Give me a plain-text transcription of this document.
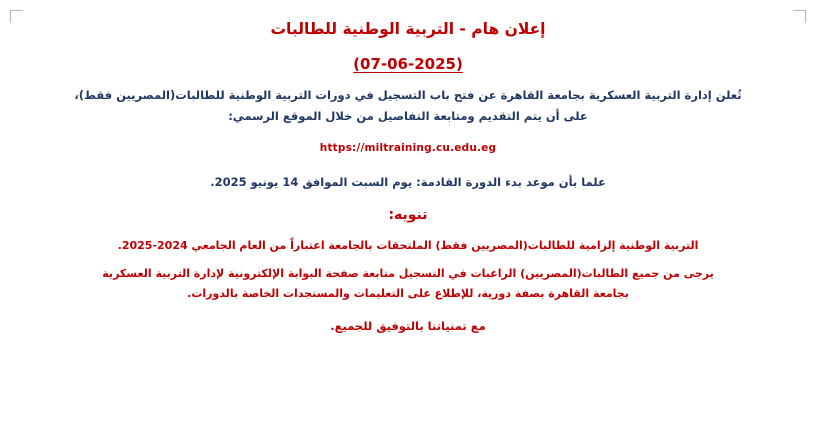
إعلان هام - التربية الوطنية للطالبات
(07-06-2025)
تُعلن إدارة التربية العسكرية بجامعة القاهرة عن فتح باب التسجيل في دورات التربية الوطنية للطالبات(المصريين فقط)،
على أن يتم التقديم ومتابعة التفاصيل من خلال الموقع الرسمي:
https://miltraining.cu.edu.eg
علما بأن موعد بدء الدورة القادمة: يوم السبت الموافق 14 يونيو 2025.
تنويه:
التربية الوطنية إلزامية للطالبات(المصريين فقط) الملتحقات بالجامعة اعتباراً من العام الجامعي 2024-2025.
يرجى من جميع الطالبات(المصريين) الراغبات في التسجيل متابعة صفحة البوابة الإلكترونية لإدارة التربية العسكرية
بجامعة القاهرة بصفة دورية، للإطلاع على التعليمات والمستجدات الخاصة بالدورات.
مع تمنياتنا بالتوفيق للجميع.
